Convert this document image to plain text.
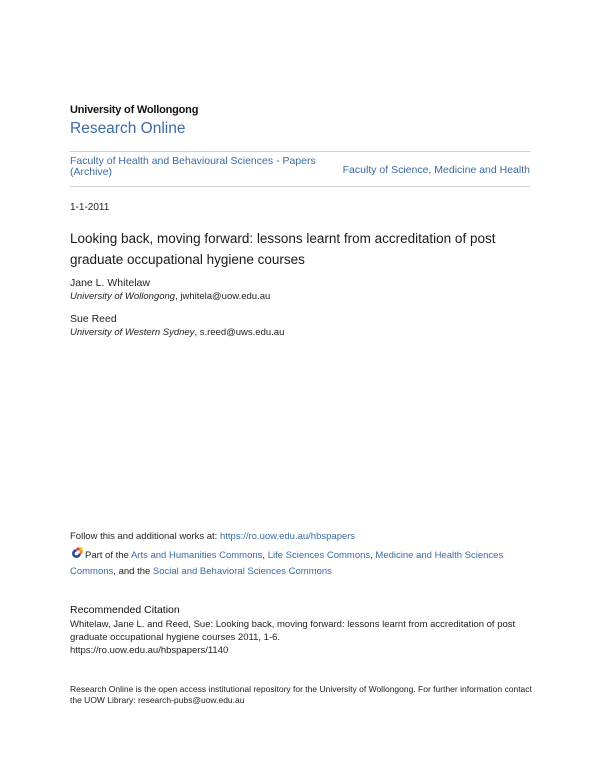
University of Wollongong
Research Online
Faculty of Health and Behavioural Sciences - Papers (Archive)	Faculty of Science, Medicine and Health
1-1-2011
Looking back, moving forward: lessons learnt from accreditation of post graduate occupational hygiene courses
Jane L. Whitelaw
University of Wollongong, jwhitela@uow.edu.au
Sue Reed
University of Western Sydney, s.reed@uws.edu.au
Follow this and additional works at: https://ro.uow.edu.au/hbspapers
Part of the Arts and Humanities Commons, Life Sciences Commons, Medicine and Health Sciences Commons, and the Social and Behavioral Sciences Commons
Recommended Citation
Whitelaw, Jane L. and Reed, Sue: Looking back, moving forward: lessons learnt from accreditation of post graduate occupational hygiene courses 2011, 1-6.
https://ro.uow.edu.au/hbspapers/1140
Research Online is the open access institutional repository for the University of Wollongong. For further information contact the UOW Library: research-pubs@uow.edu.au
